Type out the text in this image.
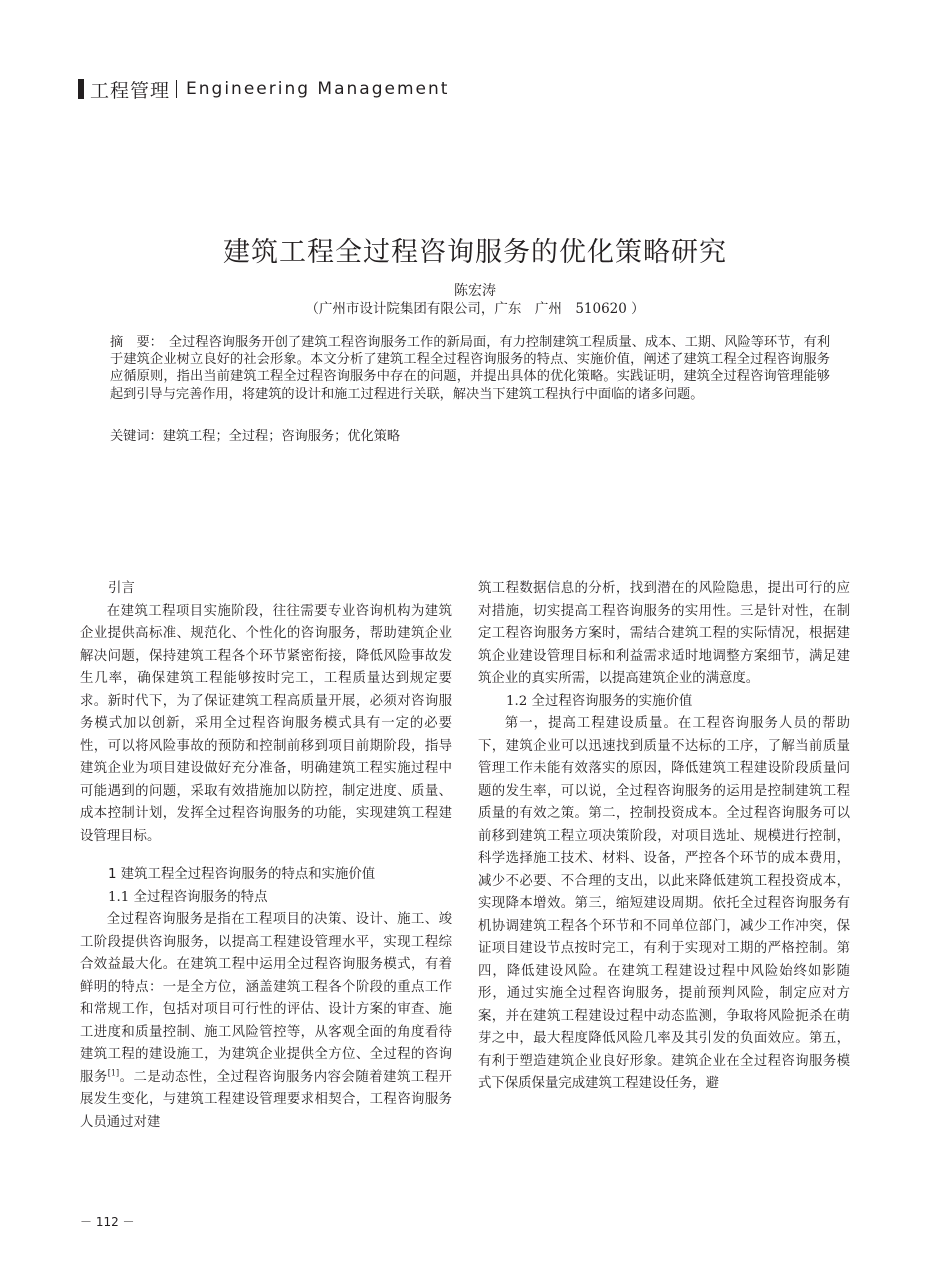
工程管理 Engineering Management
建筑工程全过程咨询服务的优化策略研究
陈宏涛
（广州市设计院集团有限公司，广东　广州　510620 ）
摘　要： 全过程咨询服务开创了建筑工程咨询服务工作的新局面，有力控制建筑工程质量、成本、工期、风险等环节，有利于建筑企业树立良好的社会形象。本文分析了建筑工程全过程咨询服务的特点、实施价值，阐述了建筑工程全过程咨询服务应循原则，指出当前建筑工程全过程咨询服务中存在的问题，并提出具体的优化策略。实践证明，建筑全过程咨询管理能够起到引导与完善作用，将建筑的设计和施工过程进行关联，解决当下建筑工程执行中面临的诸多问题。
关键词：建筑工程；全过程；咨询服务；优化策略

引言

在建筑工程项目实施阶段，往往需要专业咨询机构为建筑企业提供高标准、规范化、个性化的咨询服务，帮助建筑企业解决问题，保持建筑工程各个环节紧密衔接，降低风险事故发生几率，确保建筑工程能够按时完工，工程质量达到规定要求。新时代下，为了保证建筑工程高质量开展，必须对咨询服务模式加以创新，采用全过程咨询服务模式具有一定的必要性，可以将风险事故的预防和控制前移到项目前期阶段，指导建筑企业为项目建设做好充分准备，明确建筑工程实施过程中可能遇到的问题，采取有效措施加以防控，制定进度、质量、成本控制计划，发挥全过程咨询服务的功能，实现建筑工程建设管理目标。

1 建筑工程全过程咨询服务的特点和实施价值

1.1 全过程咨询服务的特点

全过程咨询服务是指在工程项目的决策、设计、施工、竣工阶段提供咨询服务，以提高工程建设管理水平，实现工程综合效益最大化。在建筑工程中运用全过程咨询服务模式，有着鲜明的特点：一是全方位，涵盖建筑工程各个阶段的重点工作和常规工作，包括对项目可行性的评估、设计方案的审查、施工进度和质量控制、施工风险管控等，从客观全面的角度看待建筑工程的建设施工，为建筑企业提供全方位、全过程的咨询服务[1]。二是动态性，全过程咨询服务内容会随着建筑工程开展发生变化，与建筑工程建设管理要求相契合，工程咨询服务人员通过对建

筑工程数据信息的分析，找到潜在的风险隐患，提出可行的应对措施，切实提高工程咨询服务的实用性。三是针对性，在制定工程咨询服务方案时，需结合建筑工程的实际情况，根据建筑企业建设管理目标和利益需求适时地调整方案细节，满足建筑企业的真实所需，以提高建筑企业的满意度。

1.2 全过程咨询服务的实施价值

第一，提高工程建设质量。在工程咨询服务人员的帮助下，建筑企业可以迅速找到质量不达标的工序，了解当前质量管理工作未能有效落实的原因，降低建筑工程建设阶段质量问题的发生率，可以说，全过程咨询服务的运用是控制建筑工程质量的有效之策。第二，控制投资成本。全过程咨询服务可以前移到建筑工程立项决策阶段，对项目选址、规模进行控制，科学选择施工技术、材料、设备，严控各个环节的成本费用，减少不必要、不合理的支出，以此来降低建筑工程投资成本，实现降本增效。第三，缩短建设周期。依托全过程咨询服务有机协调建筑工程各个环节和不同单位部门，减少工作冲突，保证项目建设节点按时完工，有利于实现对工期的严格控制。第四，降低建设风险。在建筑工程建设过程中风险始终如影随形，通过实施全过程咨询服务，提前预判风险，制定应对方案，并在建筑工程建设过程中动态监测，争取将风险扼杀在萌芽之中，最大程度降低风险几率及其引发的负面效应。第五，有利于塑造建筑企业良好形象。建筑企业在全过程咨询服务模式下保质保量完成建筑工程建设任务，避

－ 112 －
